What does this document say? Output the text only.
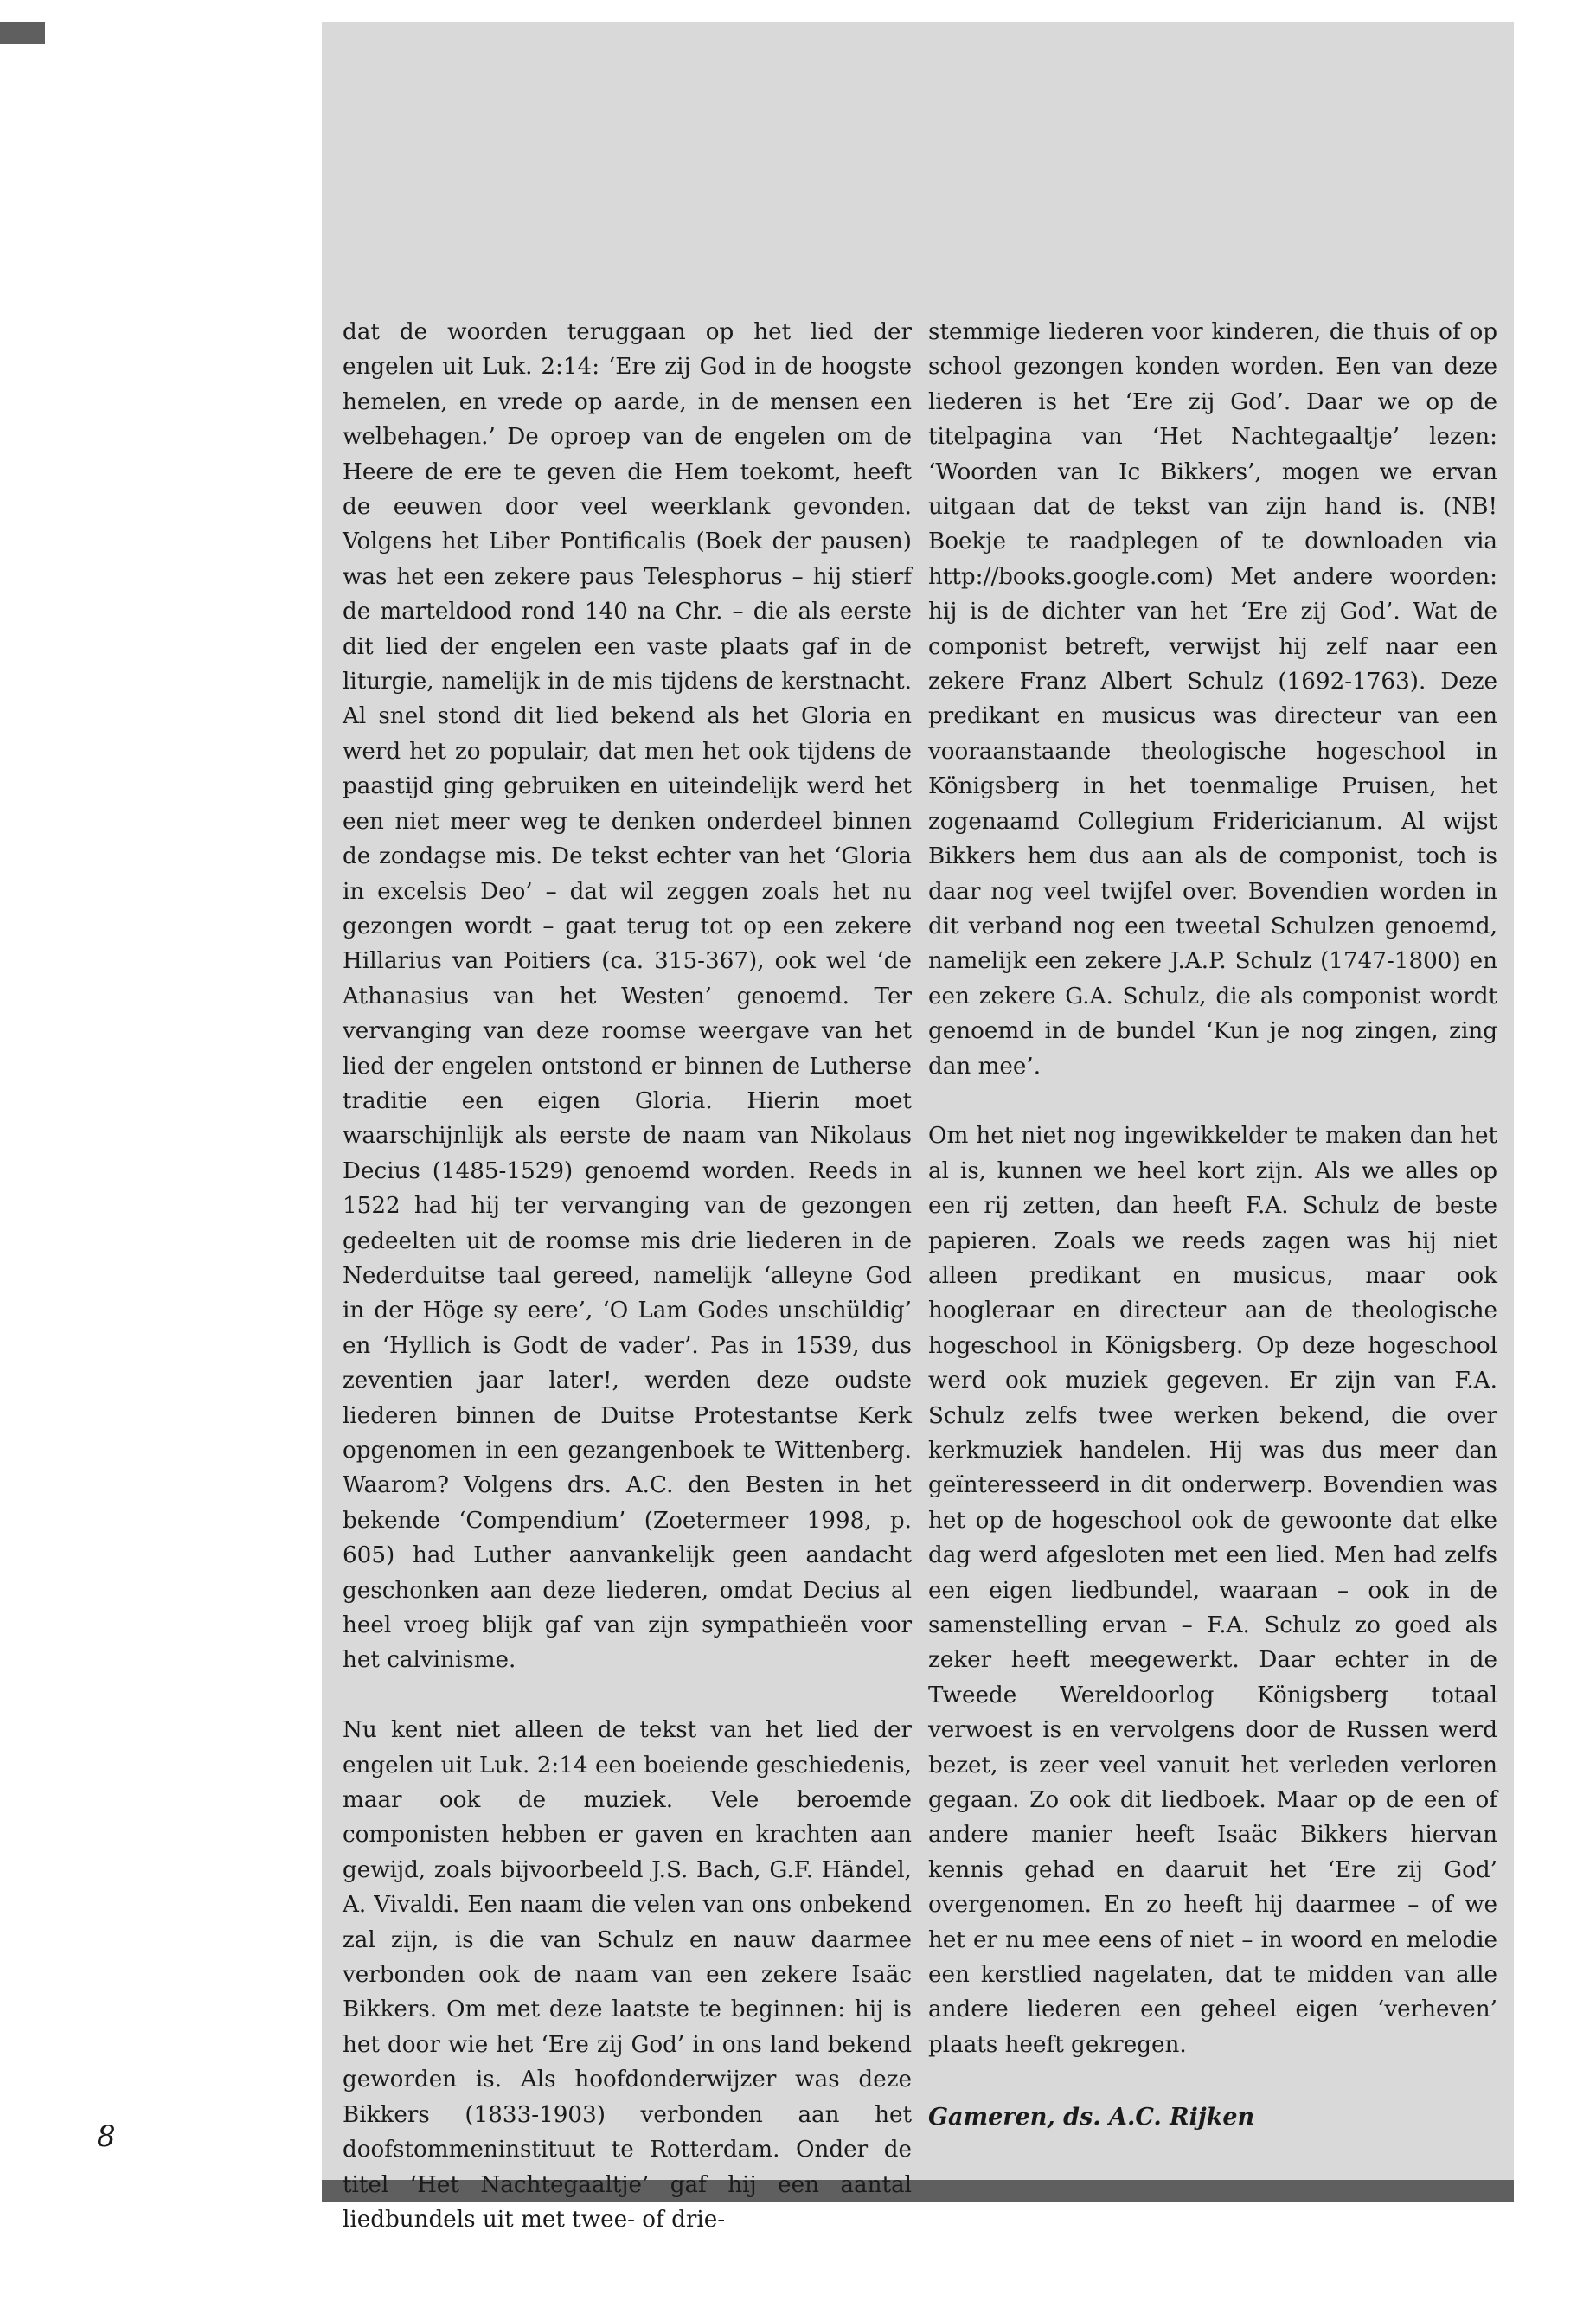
dat de woorden teruggaan op het lied der engelen uit Luk. 2:14: ‘Ere zij God in de hoogste hemelen, en vrede op aarde, in de mensen een welbehagen.’ De oproep van de engelen om de Heere de ere te geven die Hem toekomt, heeft de eeuwen door veel weerklank gevonden. Volgens het Liber Pontificalis (Boek der pausen) was het een zekere paus Telesphorus – hij stierf de marteldood rond 140 na Chr. – die als eerste dit lied der engelen een vaste plaats gaf in de liturgie, namelijk in de mis tijdens de kerstnacht. Al snel stond dit lied bekend als het Gloria en werd het zo populair, dat men het ook tijdens de paastijd ging gebruiken en uiteindelijk werd het een niet meer weg te denken onderdeel binnen de zondagse mis. De tekst echter van het ‘Gloria in excelsis Deo’ – dat wil zeggen zoals het nu gezongen wordt – gaat terug tot op een zekere Hillarius van Poitiers (ca. 315-367), ook wel ‘de Athanasius van het Westen’ genoemd. Ter vervanging van deze roomse weergave van het lied der engelen ontstond er binnen de Lutherse traditie een eigen Gloria. Hierin moet waarschijnlijk als eerste de naam van Nikolaus Decius (1485-1529) genoemd worden. Reeds in 1522 had hij ter vervanging van de gezongen gedeelten uit de roomse mis drie liederen in de Nederduitse taal gereed, namelijk ‘alleyne God in der Höge sy eere’, ‘O Lam Godes unschüldig’ en ‘Hyllich is Godt de vader’. Pas in 1539, dus zeventien jaar later!, werden deze oudste liederen binnen de Duitse Protestantse Kerk opgenomen in een gezangenboek te Wittenberg. Waarom? Volgens drs. A.C. den Besten in het bekende ‘Compendium’ (Zoetermeer 1998, p. 605) had Luther aanvankelijk geen aandacht geschonken aan deze liederen, omdat Decius al heel vroeg blijk gaf van zijn sympathieën voor het calvinisme.

Nu kent niet alleen de tekst van het lied der engelen uit Luk. 2:14 een boeiende geschiedenis, maar ook de muziek. Vele beroemde componisten hebben er gaven en krachten aan gewijd, zoals bijvoorbeeld J.S. Bach, G.F. Händel, A. Vivaldi. Een naam die velen van ons onbekend zal zijn, is die van Schulz en nauw daarmee verbonden ook de naam van een zekere Isaäc Bikkers. Om met deze laatste te beginnen: hij is het door wie het ‘Ere zij God’ in ons land bekend geworden is. Als hoofdonderwijzer was deze Bikkers (1833-1903) verbonden aan het doofstommeninstituut te Rotterdam. Onder de titel ‘Het Nachtegaaltje’ gaf hij een aantal liedbundels uit met twee- of drie-

stemmige liederen voor kinderen, die thuis of op school gezongen konden worden. Een van deze liederen is het ‘Ere zij God’. Daar we op de titelpagina van ‘Het Nachtegaaltje’ lezen: ‘Woorden van Ic Bikkers’, mogen we ervan uitgaan dat de tekst van zijn hand is. (NB! Boekje te raadplegen of te downloaden via http://books.google.com) Met andere woorden: hij is de dichter van het ‘Ere zij God’. Wat de componist betreft, verwijst hij zelf naar een zekere Franz Albert Schulz (1692-1763). Deze predikant en musicus was directeur van een vooraanstaande theologische hogeschool in Königsberg in het toenmalige Pruisen, het zogenaamd Collegium Fridericianum. Al wijst Bikkers hem dus aan als de componist, toch is daar nog veel twijfel over. Bovendien worden in dit verband nog een tweetal Schulzen genoemd, namelijk een zekere J.A.P. Schulz (1747-1800) en een zekere G.A. Schulz, die als componist wordt genoemd in de bundel ‘Kun je nog zingen, zing dan mee’.

Om het niet nog ingewikkelder te maken dan het al is, kunnen we heel kort zijn. Als we alles op een rij zetten, dan heeft F.A. Schulz de beste papieren. Zoals we reeds zagen was hij niet alleen predikant en musicus, maar ook hoogleraar en directeur aan de theologische hogeschool in Königsberg. Op deze hogeschool werd ook muziek gegeven. Er zijn van F.A. Schulz zelfs twee werken bekend, die over kerkmuziek handelen. Hij was dus meer dan geïnteresseerd in dit onderwerp. Bovendien was het op de hogeschool ook de gewoonte dat elke dag werd afgesloten met een lied. Men had zelfs een eigen liedbundel, waaraan – ook in de samenstelling ervan – F.A. Schulz zo goed als zeker heeft meegewerkt. Daar echter in de Tweede Wereldoorlog Königsberg totaal verwoest is en vervolgens door de Russen werd bezet, is zeer veel vanuit het verleden verloren gegaan. Zo ook dit liedboek. Maar op de een of andere manier heeft Isaäc Bikkers hiervan kennis gehad en daaruit het ‘Ere zij God’ overgenomen. En zo heeft hij daarmee – of we het er nu mee eens of niet – in woord en melodie een kerstlied nagelaten, dat te midden van alle andere liederen een geheel eigen ‘verheven’ plaats heeft gekregen.

Gameren, ds. A.C. Rijken
8
